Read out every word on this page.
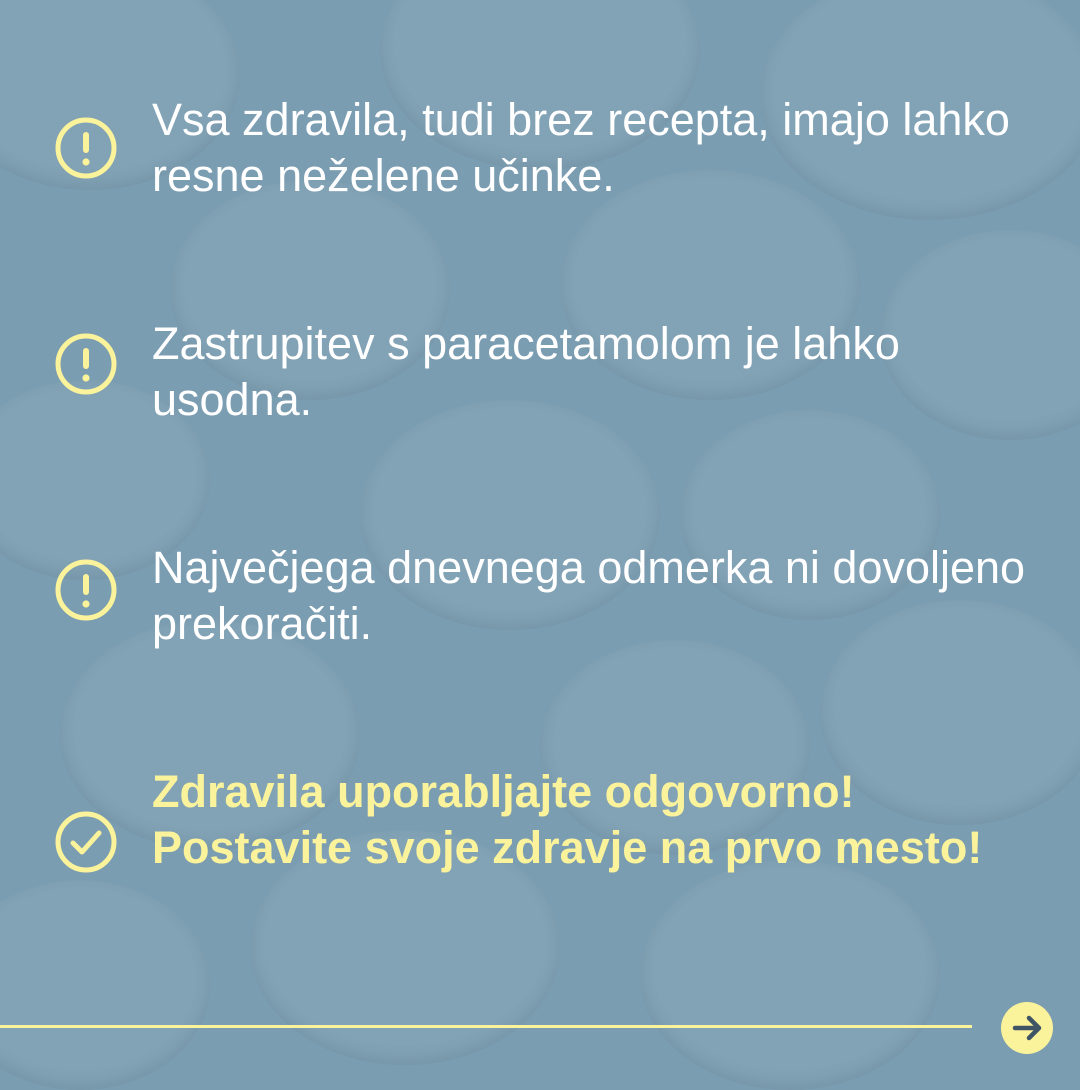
Vsa zdravila, tudi brez recepta, imajo lahko resne neželene učinke.
Zastrupitev s paracetamolom je lahko usodna.
Največjega dnevnega odmerka ni dovoljeno prekoračiti.
Zdravila uporabljajte odgovorno! Postavite svoje zdravje na prvo mesto!
